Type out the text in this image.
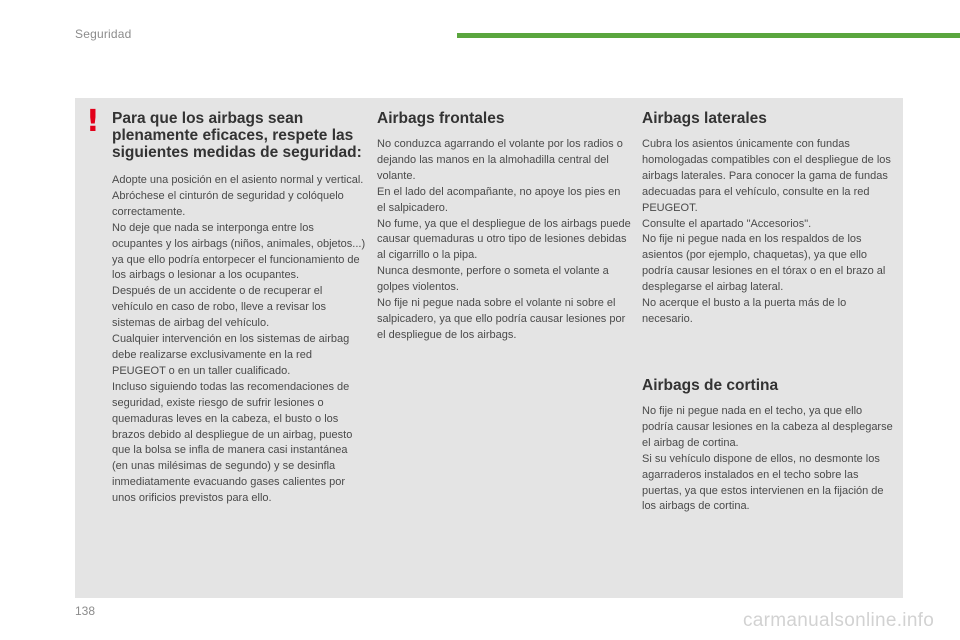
Seguridad
! Para que los airbags sean plenamente eficaces, respete las siguientes medidas de seguridad:

Adopte una posición en el asiento normal y vertical.

Abróchese el cinturón de seguridad y colóquelo correctamente.

No deje que nada se interponga entre los ocupantes y los airbags (niños, animales, objetos...) ya que ello podría entorpecer el funcionamiento de los airbags o lesionar a los ocupantes.

Después de un accidente o de recuperar el vehículo en caso de robo, lleve a revisar los sistemas de airbag del vehículo.

Cualquier intervención en los sistemas de airbag debe realizarse exclusivamente en la red PEUGEOT o en un taller cualificado.

Incluso siguiendo todas las recomendaciones de seguridad, existe riesgo de sufrir lesiones o quemaduras leves en la cabeza, el busto o los brazos debido al despliegue de un airbag, puesto que la bolsa se infla de manera casi instantánea (en unas milésimas de segundo) y se desinfla inmediatamente evacuando gases calientes por unos orificios previstos para ello.

Airbags frontales

No conduzca agarrando el volante por los radios o dejando las manos en la almohadilla central del volante.

En el lado del acompañante, no apoye los pies en el salpicadero.

No fume, ya que el despliegue de los airbags puede causar quemaduras u otro tipo de lesiones debidas al cigarrillo o la pipa.

Nunca desmonte, perfore o someta el volante a golpes violentos.

No fije ni pegue nada sobre el volante ni sobre el salpicadero, ya que ello podría causar lesiones por el despliegue de los airbags.

Airbags laterales

Cubra los asientos únicamente con fundas homologadas compatibles con el despliegue de los airbags laterales. Para conocer la gama de fundas adecuadas para el vehículo, consulte en la red PEUGEOT.

Consulte el apartado "Accesorios".

No fije ni pegue nada en los respaldos de los asientos (por ejemplo, chaquetas), ya que ello podría causar lesiones en el tórax o en el brazo al desplegarse el airbag lateral.

No acerque el busto a la puerta más de lo necesario.

Airbags de cortina

No fije ni pegue nada en el techo, ya que ello podría causar lesiones en la cabeza al desplegarse el airbag de cortina.

Si su vehículo dispone de ellos, no desmonte los agarraderos instalados en el techo sobre las puertas, ya que estos intervienen en la fijación de los airbags de cortina.

138	carmanualsonline.info
